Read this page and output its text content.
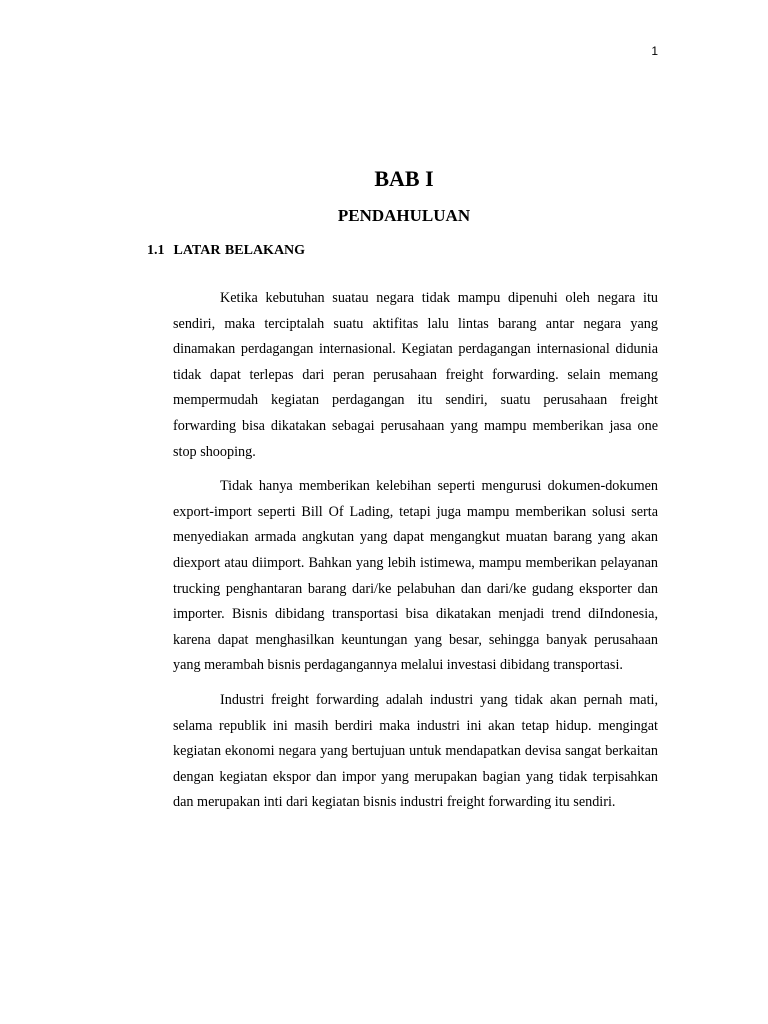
1
BAB I
PENDAHULUAN
1.1  LATAR BELAKANG

Ketika kebutuhan suatau negara tidak mampu dipenuhi oleh negara itu sendiri, maka terciptalah suatu aktifitas lalu lintas barang antar negara yang dinamakan perdagangan internasional. Kegiatan perdagangan internasional didunia tidak dapat terlepas dari peran perusahaan freight forwarding. selain memang mempermudah kegiatan perdagangan itu sendiri, suatu perusahaan freight forwarding bisa dikatakan sebagai perusahaan yang mampu memberikan jasa one stop shooping.

Tidak hanya memberikan kelebihan seperti mengurusi dokumen-dokumen export-import seperti Bill Of Lading, tetapi juga mampu memberikan solusi serta menyediakan armada angkutan yang dapat mengangkut muatan barang yang akan diexport atau diimport. Bahkan yang lebih istimewa, mampu memberikan pelayanan trucking penghantaran barang dari/ke pelabuhan dan dari/ke gudang eksporter dan importer. Bisnis dibidang transportasi bisa dikatakan menjadi trend diIndonesia, karena dapat menghasilkan keuntungan yang besar, sehingga banyak perusahaan yang merambah bisnis perdagangannya melalui investasi dibidang transportasi.

Industri freight forwarding adalah industri yang tidak akan pernah mati, selama republik ini masih berdiri maka industri ini akan tetap hidup. mengingat kegiatan ekonomi negara yang bertujuan untuk mendapatkan devisa sangat berkaitan dengan kegiatan ekspor dan impor yang merupakan bagian yang tidak terpisahkan dan merupakan inti dari kegiatan bisnis industri freight forwarding itu sendiri.
